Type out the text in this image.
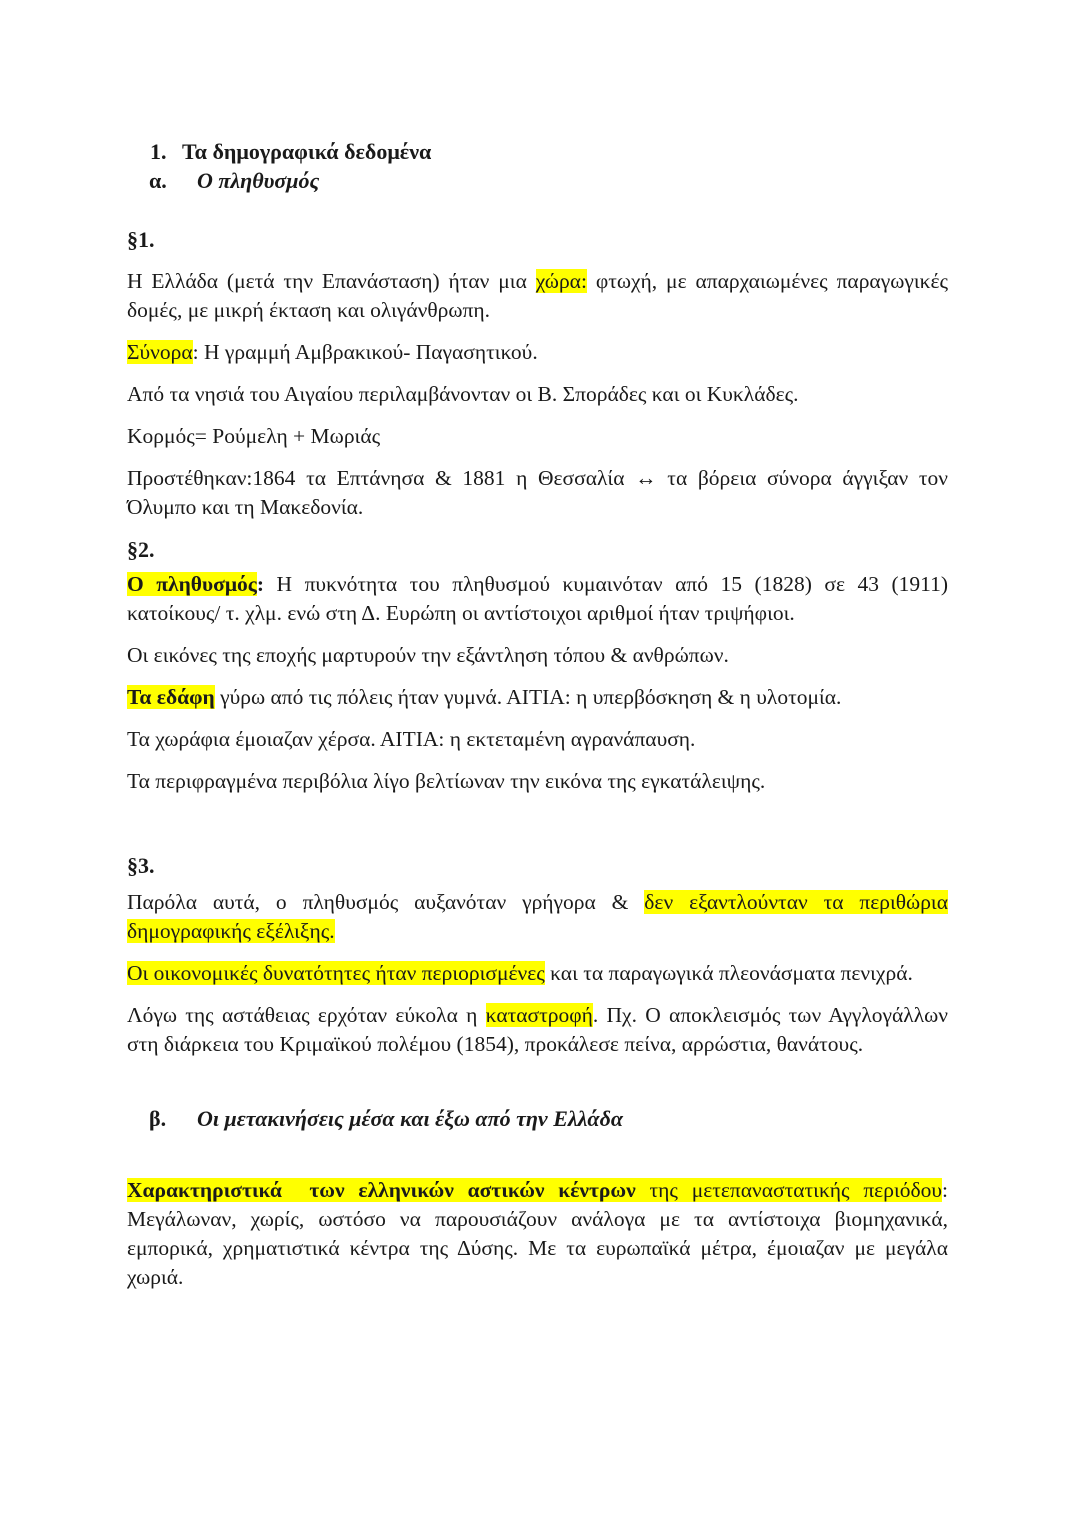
1. Τα δημογραφικά δεδομένα
α. Ο πληθυσμός
§1.

Η Ελλάδα (μετά την Επανάσταση) ήταν μια χώρα: φτωχή, με απαρχαιωμένες παραγωγικές δομές, με μικρή έκταση και ολιγάνθρωπη.

Σύνορα: Η γραμμή Αμβρακικού- Παγασητικού.

Από τα νησιά του Αιγαίου περιλαμβάνονταν οι Β. Σποράδες και οι Κυκλάδες.

Κορμός= Ρούμελη + Μωριάς

Προστέθηκαν:1864 τα Επτάνησα & 1881 η Θεσσαλία ↔ τα βόρεια σύνορα άγγιξαν τον Όλυμπο και τη Μακεδονία.

§2.

Ο πληθυσμός: Η πυκνότητα του πληθυσμού κυμαινόταν από 15 (1828) σε 43 (1911) κατοίκους/ τ. χλμ. ενώ στη Δ. Ευρώπη οι αντίστοιχοι αριθμοί ήταν τριψήφιοι.

Οι εικόνες της εποχής μαρτυρούν την εξάντληση τόπου & ανθρώπων.

Τα εδάφη γύρω από τις πόλεις ήταν γυμνά. ΑΙΤΙΑ: η υπερβόσκηση & η υλοτομία.

Τα χωράφια έμοιαζαν χέρσα. ΑΙΤΙΑ: η εκτεταμένη αγρανάπαυση.

Τα περιφραγμένα περιβόλια λίγο βελτίωναν την εικόνα της εγκατάλειψης.

§3.

Παρόλα αυτά, ο πληθυσμός αυξανόταν γρήγορα & δεν εξαντλούνταν τα περιθώρια δημογραφικής εξέλιξης.

Οι οικονομικές δυνατότητες ήταν περιορισμένες και τα παραγωγικά πλεονάσματα πενιχρά.

Λόγω της αστάθειας ερχόταν εύκολα η καταστροφή. Πχ. Ο αποκλεισμός των Αγγλογάλλων στη διάρκεια του Κριμαϊκού πολέμου (1854), προκάλεσε πείνα, αρρώστια, θανάτους.

β. Οι μετακινήσεις μέσα και έξω από την Ελλάδα

Χαρακτηριστικά  των ελληνικών αστικών κέντρων της μετεπαναστατικής περιόδου: Μεγάλωναν, χωρίς, ωστόσο να παρουσιάζουν ανάλογα με τα αντίστοιχα βιομηχανικά, εμπορικά, χρηματιστικά κέντρα της Δύσης. Με τα ευρωπαϊκά μέτρα, έμοιαζαν με μεγάλα χωριά.
